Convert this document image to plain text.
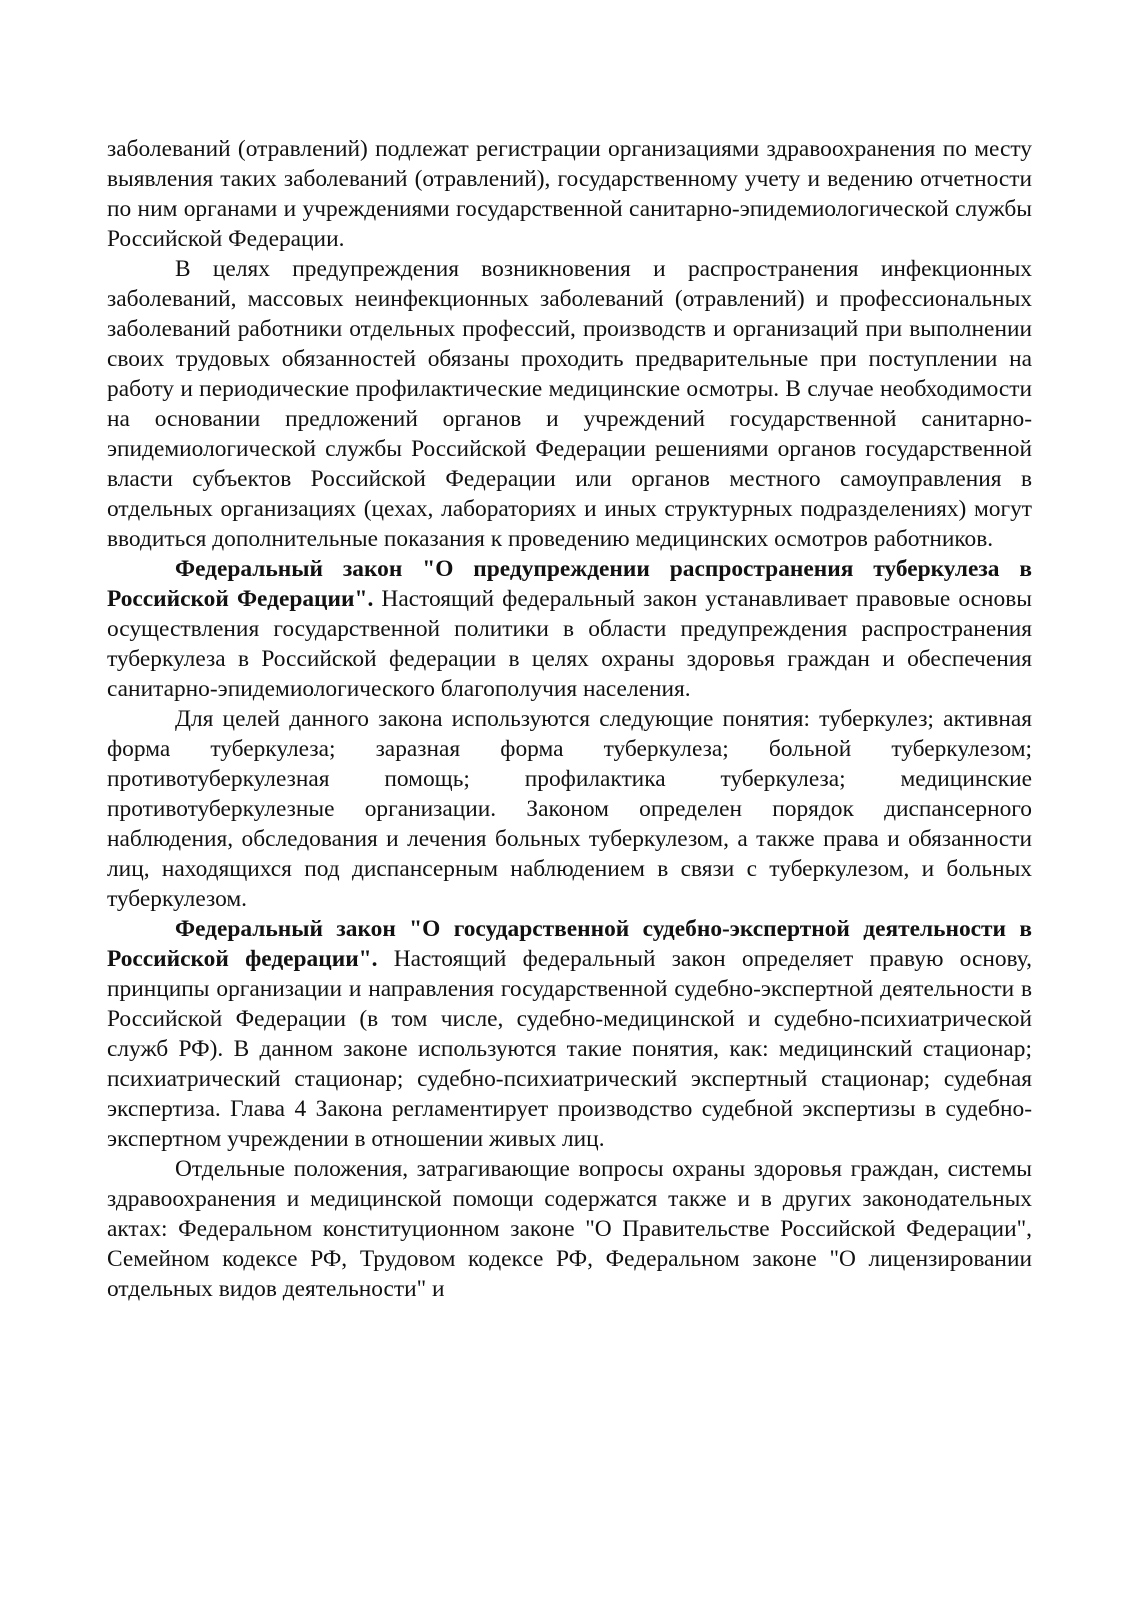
заболеваний (отравлений) подлежат регистрации организациями здравоохранения по месту выявления таких заболеваний (отравлений), государственному учету и ведению отчетности по ним органами и учреждениями государственной санитарно-эпидемиологической службы Российской Федерации.

В целях предупреждения возникновения и распространения инфекционных заболеваний, массовых неинфекционных заболеваний (отравлений) и профессиональных заболеваний работники отдельных профессий, производств и организаций при выполнении своих трудовых обязанностей обязаны проходить предварительные при поступлении на работу и периодические профилактические медицинские осмотры. В случае необходимости на основании предложений органов и учреждений государственной санитарно-эпидемиологической службы Российской Федерации решениями органов государственной власти субъектов Российской Федерации или органов местного самоуправления в отдельных организациях (цехах, лабораториях и иных структурных подразделениях) могут вводиться дополнительные показания к проведению медицинских осмотров работников.

Федеральный закон "О предупреждении распространения туберкулеза в Российской Федерации". Настоящий федеральный закон устанавливает правовые основы осуществления государственной политики в области предупреждения распространения туберкулеза в Российской федерации в целях охраны здоровья граждан и обеспечения санитарно-эпидемиологического благополучия населения.

Для целей данного закона используются следующие понятия: туберкулез; активная форма туберкулеза; заразная форма туберкулеза; больной туберкулезом; противотуберкулезная помощь; профилактика туберкулеза; медицинские противотуберкулезные организации. Законом определен порядок диспансерного наблюдения, обследования и лечения больных туберкулезом, а также права и обязанности лиц, находящихся под диспансерным наблюдением в связи с туберкулезом, и больных туберкулезом.

Федеральный закон "О государственной судебно-экспертной деятельности в Российской федерации". Настоящий федеральный закон определяет правую основу, принципы организации и направления государственной судебно-экспертной деятельности в Российской Федерации (в том числе, судебно-медицинской и судебно-психиатрической служб РФ). В данном законе используются такие понятия, как: медицинский стационар; психиатрический стационар; судебно-психиатрический экспертный стационар; судебная экспертиза. Глава 4 Закона регламентирует производство судебной экспертизы в судебно-экспертном учреждении в отношении живых лиц.

Отдельные положения, затрагивающие вопросы охраны здоровья граждан, системы здравоохранения и медицинской помощи содержатся также и в других законодательных актах: Федеральном конституционном законе "О Правительстве Российской Федерации", Семейном кодексе РФ, Трудовом кодексе РФ, Федеральном законе "О лицензировании отдельных видов деятельности" и
